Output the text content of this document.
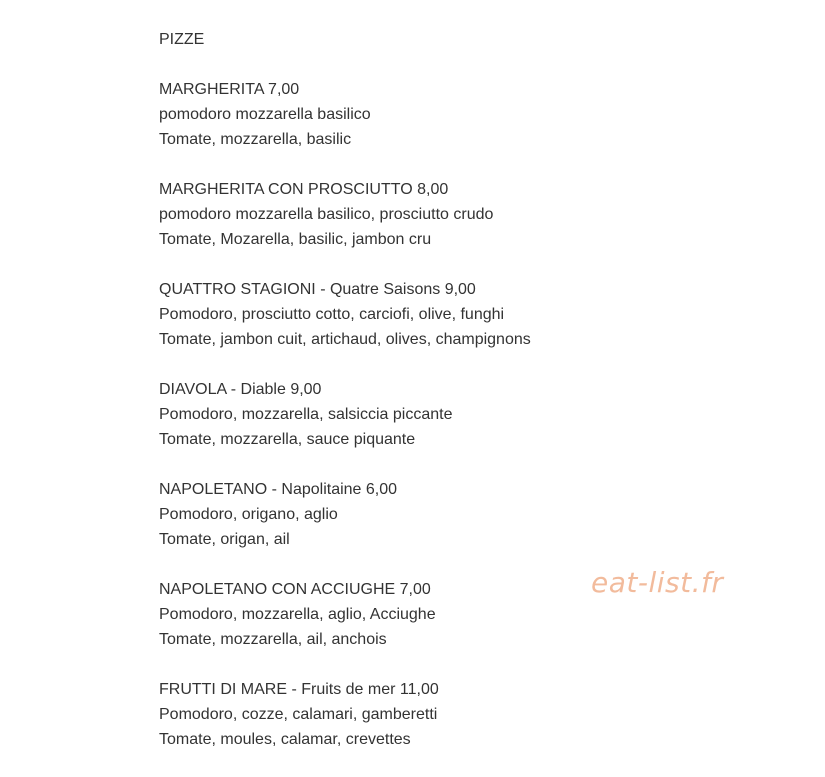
PIZZE
MARGHERITA 7,00
pomodoro mozzarella basilico
Tomate, mozzarella, basilic
MARGHERITA CON PROSCIUTTO 8,00
pomodoro mozzarella basilico, prosciutto crudo
Tomate, Mozarella, basilic, jambon cru
QUATTRO STAGIONI - Quatre Saisons 9,00
Pomodoro, prosciutto cotto, carciofi, olive, funghi
Tomate, jambon cuit, artichaud, olives, champignons
DIAVOLA - Diable 9,00
Pomodoro, mozzarella, salsiccia piccante
Tomate, mozzarella, sauce piquante
NAPOLETANO - Napolitaine 6,00
Pomodoro, origano, aglio
Tomate, origan, ail
NAPOLETANO CON ACCIUGHE 7,00
Pomodoro, mozzarella, aglio, Acciughe
Tomate, mozzarella, ail, anchois
FRUTTI DI MARE - Fruits de mer 11,00
Pomodoro, cozze, calamari, gamberetti
Tomate, moules, calamar, crevettes
eat-list.fr
